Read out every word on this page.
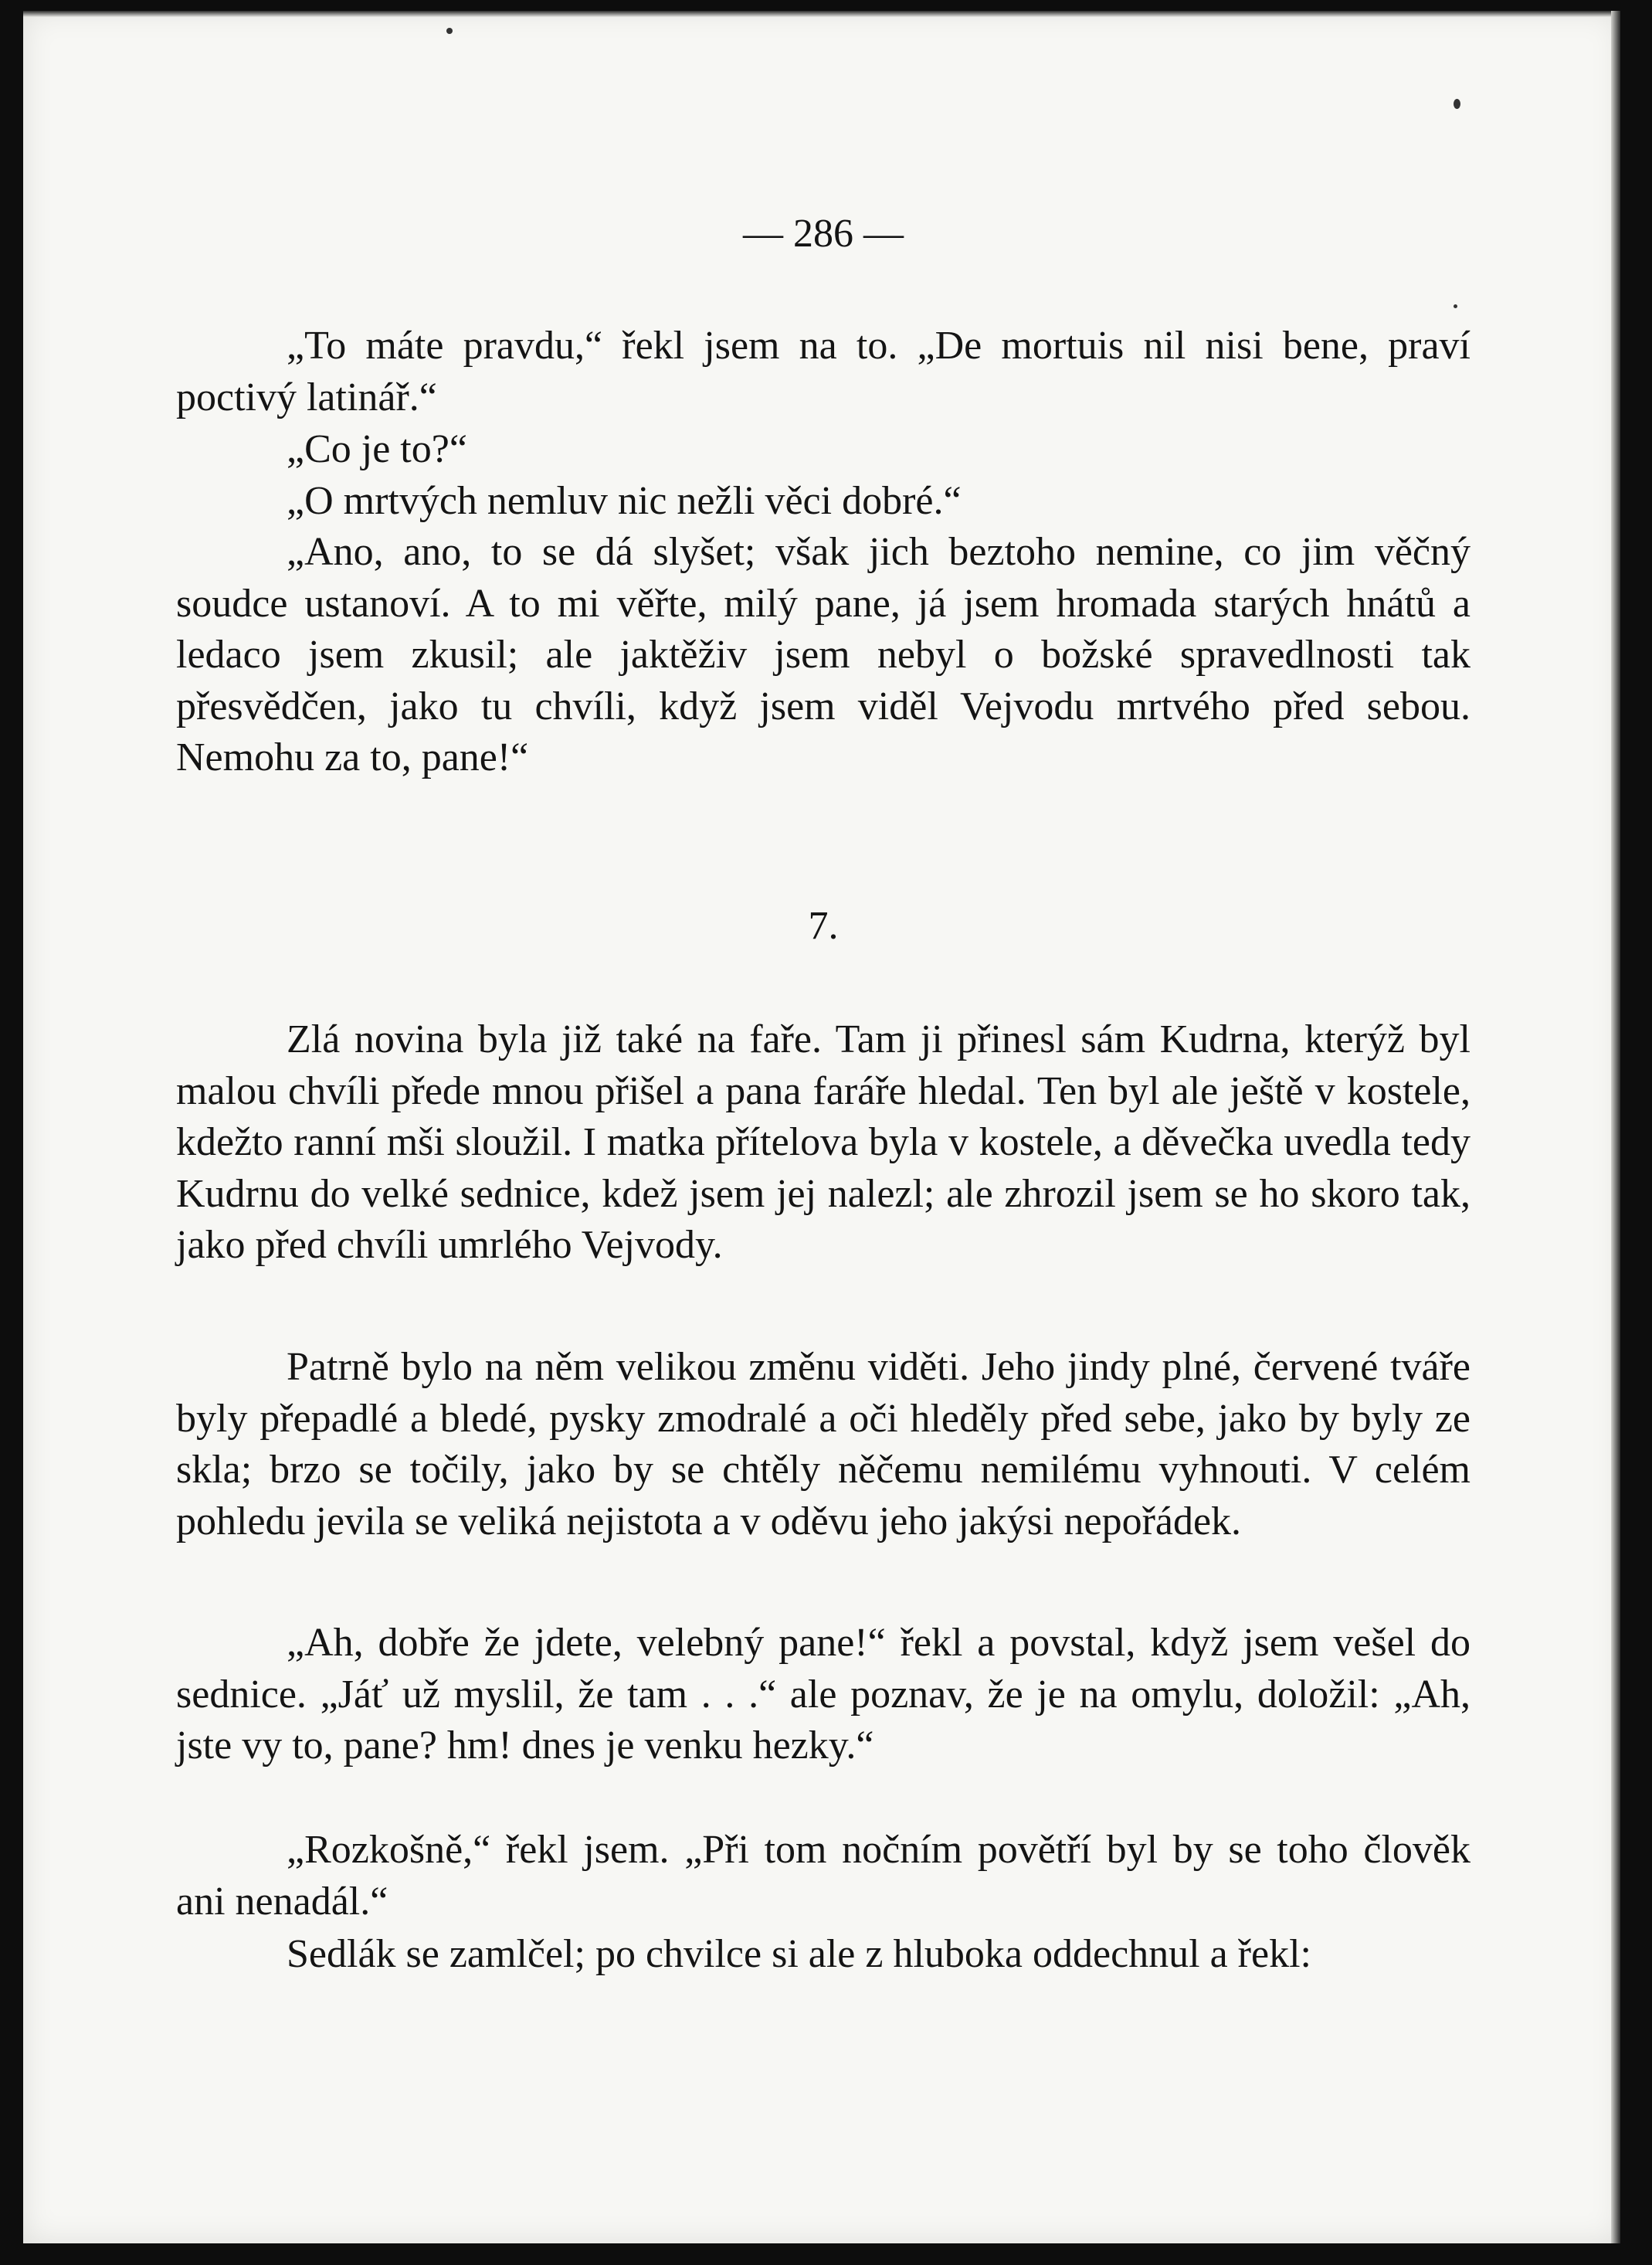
— 286 —

„To máte pravdu,“ řekl jsem na to. „De mortuis nil nisi bene, praví poctivý latinář.“

„Co je to?“

„O mrtvých nemluv nic nežli věci dobré.“

„Ano, ano, to se dá slyšet; však jich beztoho nemine, co jim věčný soudce ustanoví. A to mi věřte, milý pane, já jsem hromada starých hnátů a ledaco jsem zkusil; ale jaktěživ jsem nebyl o božské spravedlnosti tak přesvědčen, jako tu chvíli, když jsem viděl Vejvodu mrtvého před sebou. Nemohu za to, pane!“

7.

Zlá novina byla již také na faře. Tam ji přinesl sám Kudrna, kterýž byl malou chvíli přede mnou přišel a pana faráře hledal. Ten byl ale ještě v kostele, kdežto ranní mši sloužil. I matka přítelova byla v kostele, a děvečka uvedla tedy Kudrnu do velké sednice, kdež jsem jej nalezl; ale zhrozil jsem se ho skoro tak, jako před chvíli umrlého Vejvody.

Patrně bylo na něm velikou změnu viděti. Jeho jindy plné, červené tváře byly přepadlé a bledé, pysky zmodralé a oči hleděly před sebe, jako by byly ze skla; brzo se točily, jako by se chtěly něčemu nemilému vyhnouti. V celém pohledu jevila se veliká nejistota a v oděvu jeho jakýsi nepořádek.

„Ah, dobře že jdete, velebný pane!“ řekl a povstal, když jsem vešel do sednice. „Jáť už myslil, že tam . . .“ ale poznav, že je na omylu, doložil: „Ah, jste vy to, pane? hm! dnes je venku hezky.“

„Rozkošně,“ řekl jsem. „Při tom nočním povětří byl by se toho člověk ani nenadál.“

Sedlák se zamlčel; po chvilce si ale z hluboka oddechnul a řekl:
